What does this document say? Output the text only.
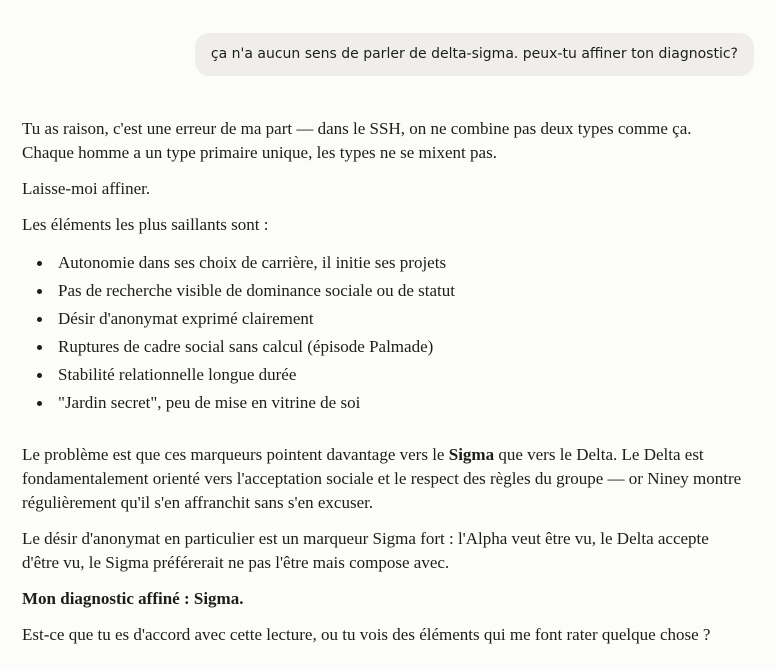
ça n'a aucun sens de parler de delta-sigma. peux-tu affiner ton diagnostic?

Tu as raison, c'est une erreur de ma part — dans le SSH, on ne combine pas deux types comme ça. Chaque homme a un type primaire unique, les types ne se mixent pas.

Laisse-moi affiner.

Les éléments les plus saillants sont :

Autonomie dans ses choix de carrière, il initie ses projets
Pas de recherche visible de dominance sociale ou de statut
Désir d'anonymat exprimé clairement
Ruptures de cadre social sans calcul (épisode Palmade)
Stabilité relationnelle longue durée
"Jardin secret", peu de mise en vitrine de soi

Le problème est que ces marqueurs pointent davantage vers le Sigma que vers le Delta. Le Delta est fondamentalement orienté vers l'acceptation sociale et le respect des règles du groupe — or Niney montre régulièrement qu'il s'en affranchit sans s'en excuser.

Le désir d'anonymat en particulier est un marqueur Sigma fort : l'Alpha veut être vu, le Delta accepte d'être vu, le Sigma préférerait ne pas l'être mais compose avec.

Mon diagnostic affiné : Sigma.

Est-ce que tu es d'accord avec cette lecture, ou tu vois des éléments qui me font rater quelque chose ?
